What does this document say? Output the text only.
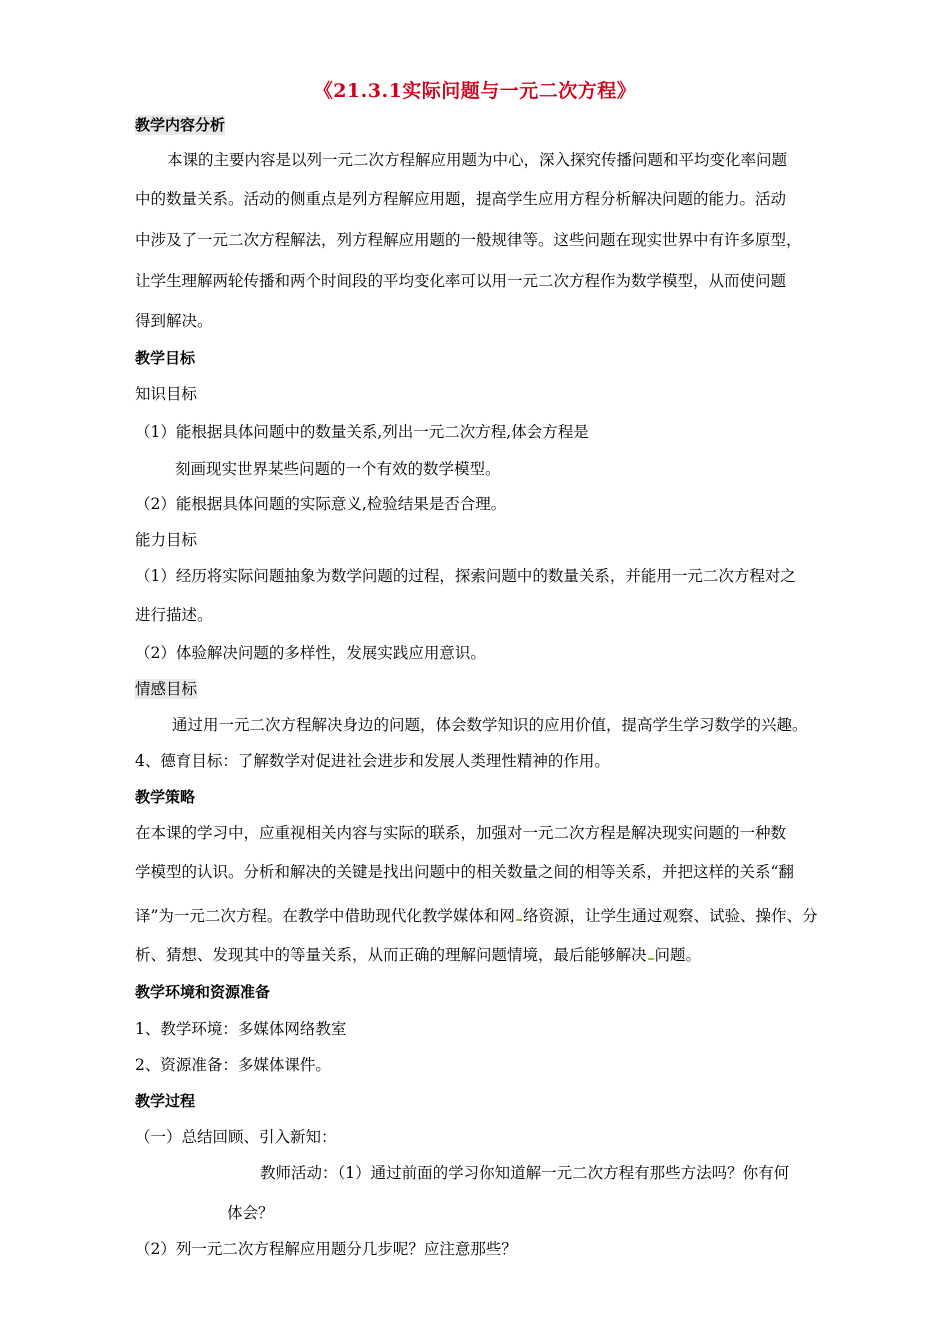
《21.3.1实际问题与一元二次方程》
教学内容分析
本课的主要内容是以列一元二次方程解应用题为中心，深入探究传播问题和平均变化率问题
中的数量关系。活动的侧重点是列方程解应用题，提高学生应用方程分析解决问题的能力。活动
中涉及了一元二次方程解法，列方程解应用题的一般规律等。这些问题在现实世界中有许多原型，
让学生理解两轮传播和两个时间段的平均变化率可以用一元二次方程作为数学模型，从而使问题
得到解决。
教学目标
知识目标
（1）能根据具体问题中的数量关系,列出一元二次方程,体会方程是
刻画现实世界某些问题的一个有效的数学模型。
（2）能根据具体问题的实际意义,检验结果是否合理。
能力目标
（1）经历将实际问题抽象为数学问题的过程，探索问题中的数量关系，并能用一元二次方程对之
进行描述。
（2）体验解决问题的多样性，发展实践应用意识。
情感目标
通过用一元二次方程解决身边的问题，体会数学知识的应用价值，提高学生学习数学的兴趣。
4、德育目标：了解数学对促进社会进步和发展人类理性精神的作用。
教学策略
在本课的学习中，应重视相关内容与实际的联系，加强对一元二次方程是解决现实问题的一种数
学模型的认识。分析和解决的关键是找出问题中的相关数量之间的相等关系，并把这样的关系“翻
译”为一元二次方程。在教学中借助现代化教学媒体和网 络资源，让学生通过观察、试验、操作、分
析、猜想、发现其中的等量关系，从而正确的理解问题情境，最后能够解决 问题。
教学环境和资源准备
1、教学环境：多媒体网络教室
2、资源准备：多媒体课件。
教学过程
（一）总结回顾、引入新知：
教师活动：（1）通过前面的学习你知道解一元二次方程有那些方法吗？你有何
体会？
（2）列一元二次方程解应用题分几步呢？应注意那些？
